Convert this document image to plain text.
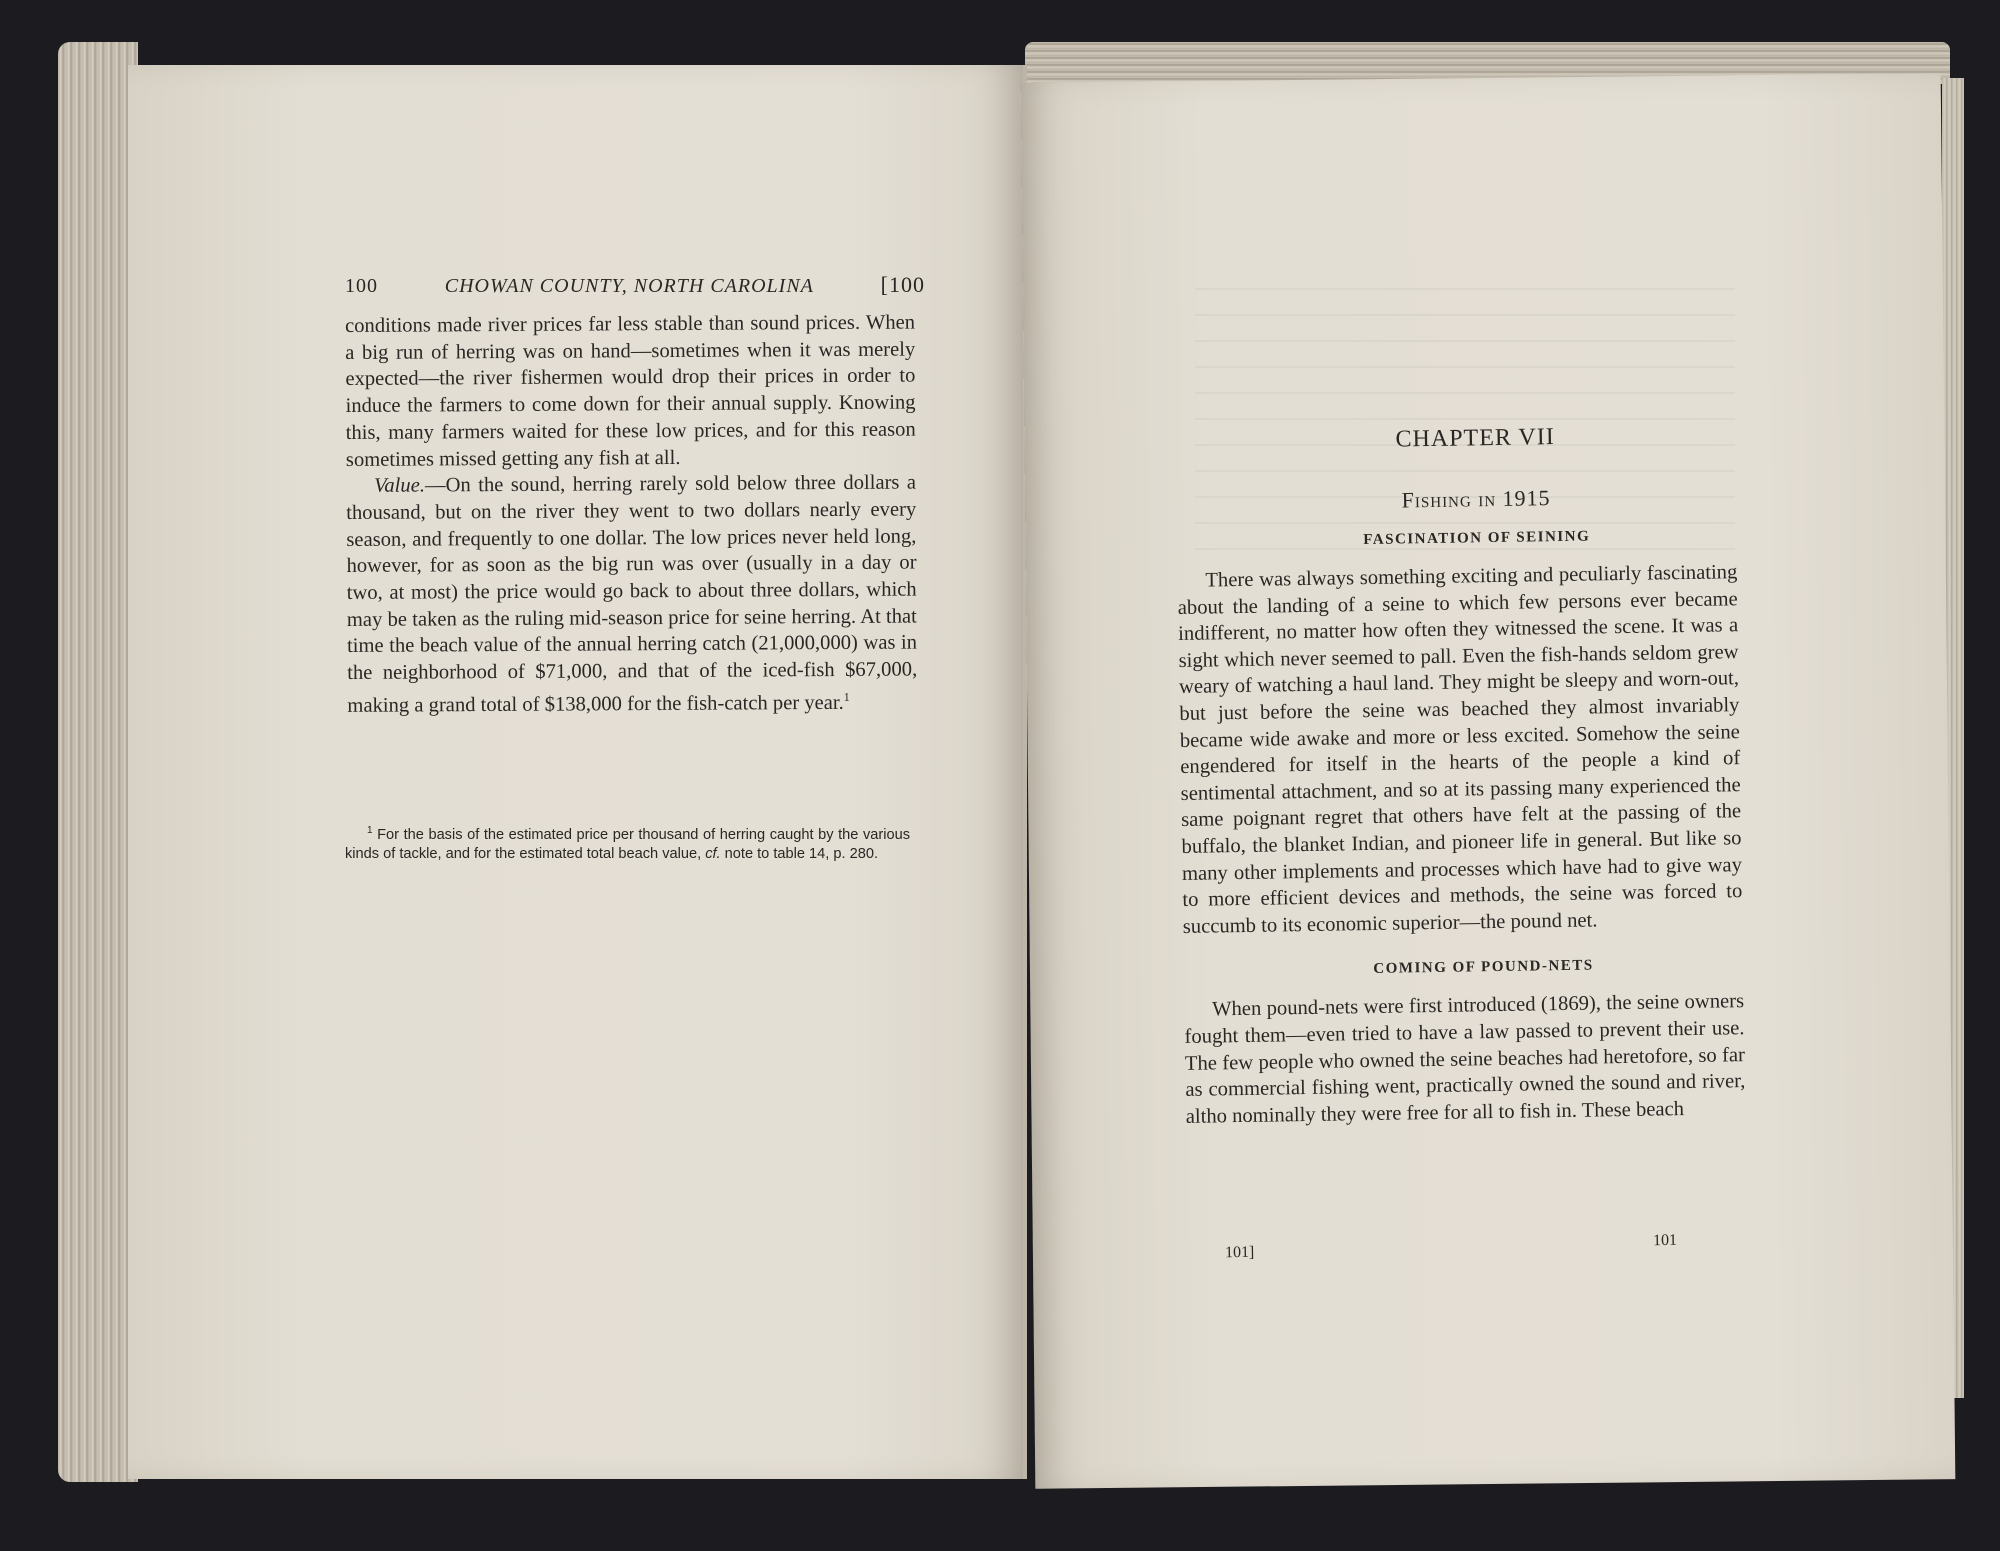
100	CHOWAN COUNTY, NORTH CAROLINA	[100

conditions made river prices far less stable than sound prices. When a big run of herring was on hand—sometimes when it was merely expected—the river fishermen would drop their prices in order to induce the farmers to come down for their annual supply. Knowing this, many farmers waited for these low prices, and for this reason sometimes missed getting any fish at all.

Value.—On the sound, herring rarely sold below three dollars a thousand, but on the river they went to two dollars nearly every season, and frequently to one dollar. The low prices never held long, however, for as soon as the big run was over (usually in a day or two, at most) the price would go back to about three dollars, which may be taken as the ruling mid-season price for seine herring. At that time the beach value of the annual herring catch (21,000,000) was in the neighborhood of $71,000, and that of the iced-fish $67,000, making a grand total of $138,000 for the fish-catch per year.$^1$

$^1$ For the basis of the estimated price per thousand of herring caught by the various kinds of tackle, and for the estimated total beach value, cf. note to table 14, p. 280.
CHAPTER VII
Fishing in 1915
FASCINATION OF SEINING

There was always something exciting and peculiarly fascinating about the landing of a seine to which few persons ever became indifferent, no matter how often they witnessed the scene. It was a sight which never seemed to pall. Even the fish-hands seldom grew weary of watching a haul land. They might be sleepy and worn-out, but just before the seine was beached they almost invariably became wide awake and more or less excited. Somehow the seine engendered for itself in the hearts of the people a kind of sentimental attachment, and so at its passing many experienced the same poignant regret that others have felt at the passing of the buffalo, the blanket Indian, and pioneer life in general. But like so many other implements and processes which have had to give way to more efficient devices and methods, the seine was forced to succumb to its economic superior—the pound net.

COMING OF POUND-NETS

When pound-nets were first introduced (1869), the seine owners fought them—even tried to have a law passed to prevent their use. The few people who owned the seine beaches had heretofore, so far as commercial fishing went, practically owned the sound and river, altho nominally they were free for all to fish in. These beach

101]
101
